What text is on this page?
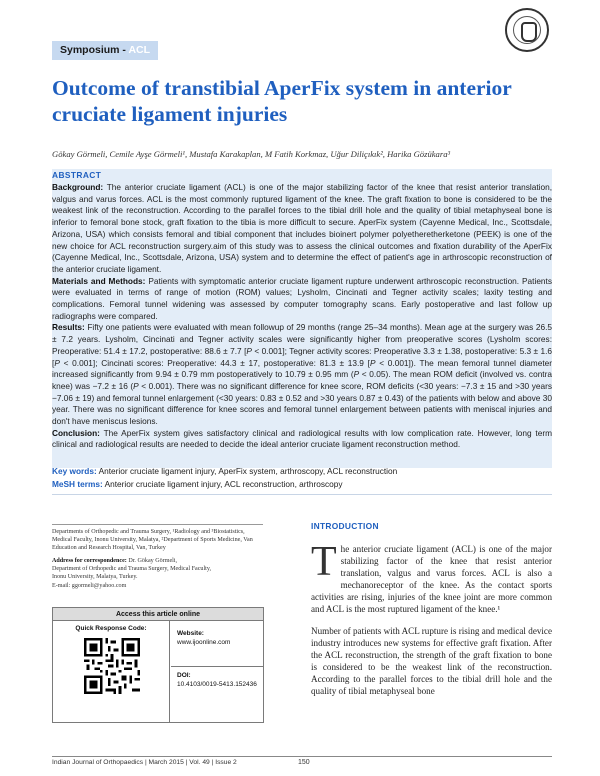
Symposium - ACL
Outcome of transtibial AperFix system in anterior cruciate ligament injuries
Gökay Görmeli, Cemile Ayşe Görmeli¹, Mustafa Karakaplan, M Fatih Korkmaz, Uğur Diliçıkık², Harika Gözükara³
ABSTRACT

Background: The anterior cruciate ligament (ACL) is one of the major stabilizing factor of the knee that resist anterior translation, valgus and varus forces. ACL is the most commonly ruptured ligament of the knee. The graft fixation to bone is considered to be the weakest link of the reconstruction. According to the parallel forces to the tibial drill hole and the quality of tibial metaphyseal bone is inferior to femoral bone stock, graft fixation to the tibia is more difficult to secure. AperFix system (Cayenne Medical, Inc., Scottsdale, Arizona, USA) which consists femoral and tibial component that includes bioinert polymer polyetheretherketone (PEEK) is one of the new choice for ACL reconstruction surgery.aim of this study was to assess the clinical outcomes and fixation durability of the AperFix (Cayenne Medical, Inc., Scottsdale, Arizona, USA) system and to determine the effect of patient's age in arthroscopic reconstruction of the anterior cruciate ligament.

Materials and Methods: Patients with symptomatic anterior cruciate ligament rupture underwent arthroscopic reconstruction. Patients were evaluated in terms of range of motion (ROM) values; Lysholm, Cincinati and Tegner activity scales; laxity testing and complications. Femoral tunnel widening was assessed by computer tomography scans. Early postoperative and last follow up radiographs were compared.

Results: Fifty one patients were evaluated with mean followup of 29 months (range 25–34 months). Mean age at the surgery was 26.5 ± 7.2 years. Lysholm, Cincinati and Tegner activity scales were significantly higher from preoperative scores (Lysholm scores: Preoperative: 51.4 ± 17.2, postoperative: 88.6 ± 7.7 [P < 0.001]; Tegner activity scores: Preoperative 3.3 ± 1.38, postoperative: 5.3 ± 1.6 [P < 0.001]; Cincinati scores: Preoperative: 44.3 ± 17, postoperative: 81.3 ± 13.9 [P < 0.001]). The mean femoral tunnel diameter increased significantly from 9.94 ± 0.79 mm postoperatively to 10.79 ± 0.95 mm (P < 0.05). The mean ROM deficit (involved vs. contra knee) was −7.2 ± 16 (P < 0.001). There was no significant difference for knee score, ROM deficits (<30 years: −7.3 ± 15 and >30 years −7.06 ± 19) and femoral tunnel enlargement (<30 years: 0.83 ± 0.52 and >30 years 0.87 ± 0.43) of the patients with below and above 30 year. There was no significant difference for knee scores and femoral tunnel enlargement between patients with meniscal injuries and don't have meniscus lesions.

Conclusion: The AperFix system gives satisfactory clinical and radiological results with low complication rate. However, long term clinical and radiological results are needed to decide the ideal anterior cruciate ligament reconstruction method.

Key words: Anterior cruciate ligament injury, AperFix system, arthroscopy, ACL reconstruction
MeSH terms: Anterior cruciate ligament injury, ACL reconstruction, arthroscopy
Departments of Orthopedic and Trauma Surgery, ¹Radiology and ³Biostatistics, Medical Faculty, Inonu University, Malatya, ²Department of Sports Medicine, Van Education and Research Hospital, Van, Turkey
Address for correspondence: Dr. Gökay Görmeli,
Department of Orthopedic and Trauma Surgery, Medical Faculty,
Inonu University, Malatya, Turkey.
E-mail: ggormeli@yahoo.com
Access this article online
Quick Response Code:
Website:
www.ijoonline.com
DOI:
10.4103/0019-5413.152436
INTRODUCTION

The anterior cruciate ligament (ACL) is one of the major stabilizing factor of the knee that resist anterior translation, valgus and varus forces. ACL is also a mechanoreceptor of the knee. As the contact sports activities are rising, injuries of the knee joint are more common and ACL is the most ruptured ligament of the knee.¹

Number of patients with ACL rupture is rising and medical device industry introduces new systems for effective graft fixation. After the ACL reconstruction, the strength of the graft fixation to bone is considered to be the weakest link of the reconstruction. According to the parallel forces to the tibial drill hole and the quality of tibial metaphyseal bone

Indian Journal of Orthopaedics | March 2015 | Vol. 49 | Issue 2	150
